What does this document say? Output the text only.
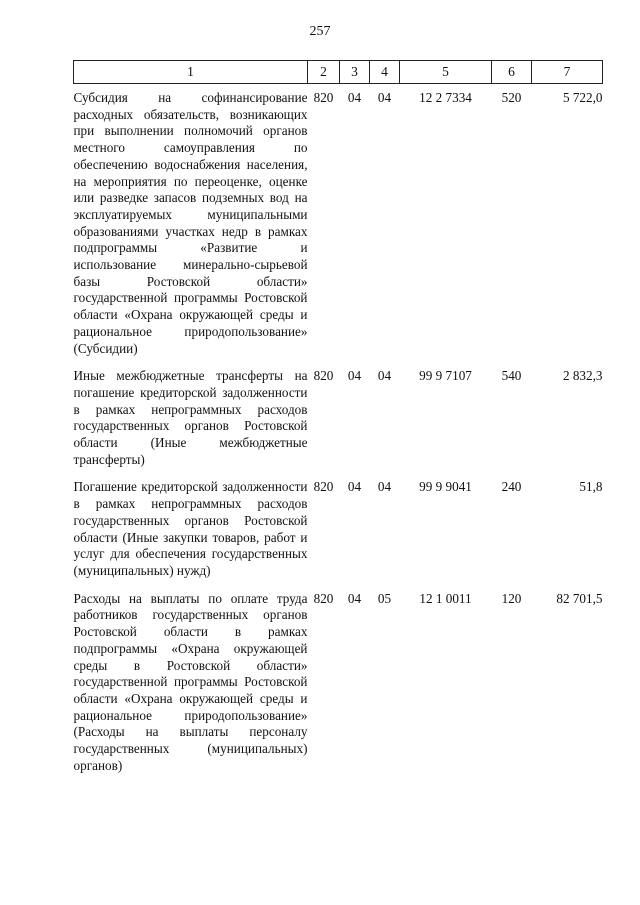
257
1	2	3	4	5	6	7
Субсидия на софинансирование расходных обязательств, возникающих при выполнении полномочий органов местного самоуправления по обеспечению водоснабжения населения, на мероприятия по переоценке, оценке или разведке запасов подземных вод на эксплуатируемых муниципальными образованиями участках недр в рамках подпрограммы «Развитие и использование минерально-сырьевой базы Ростовской области» государственной программы Ростовской области «Охрана окружающей среды и рациональное природопользование» (Субсидии)	820	04	04	12 2 7334	520	5 722,0
Иные межбюджетные трансферты на погашение кредиторской задолженности в рамках непрограммных расходов государственных органов Ростовской области (Иные межбюджетные трансферты)	820	04	04	99 9 7107	540	2 832,3
Погашение кредиторской задолженности в рамках непрограммных расходов государственных органов Ростовской области (Иные закупки товаров, работ и услуг для обеспечения государственных (муниципальных) нужд)	820	04	04	99 9 9041	240	51,8
Расходы на выплаты по оплате труда работников государственных органов Ростовской области в рамках подпрограммы «Охрана окружающей среды в Ростовской области» государственной программы Ростовской области «Охрана окружающей среды и рациональное природопользование» (Расходы на выплаты персоналу государственных (муниципальных) органов)	820	04	05	12 1 0011	120	82 701,5
